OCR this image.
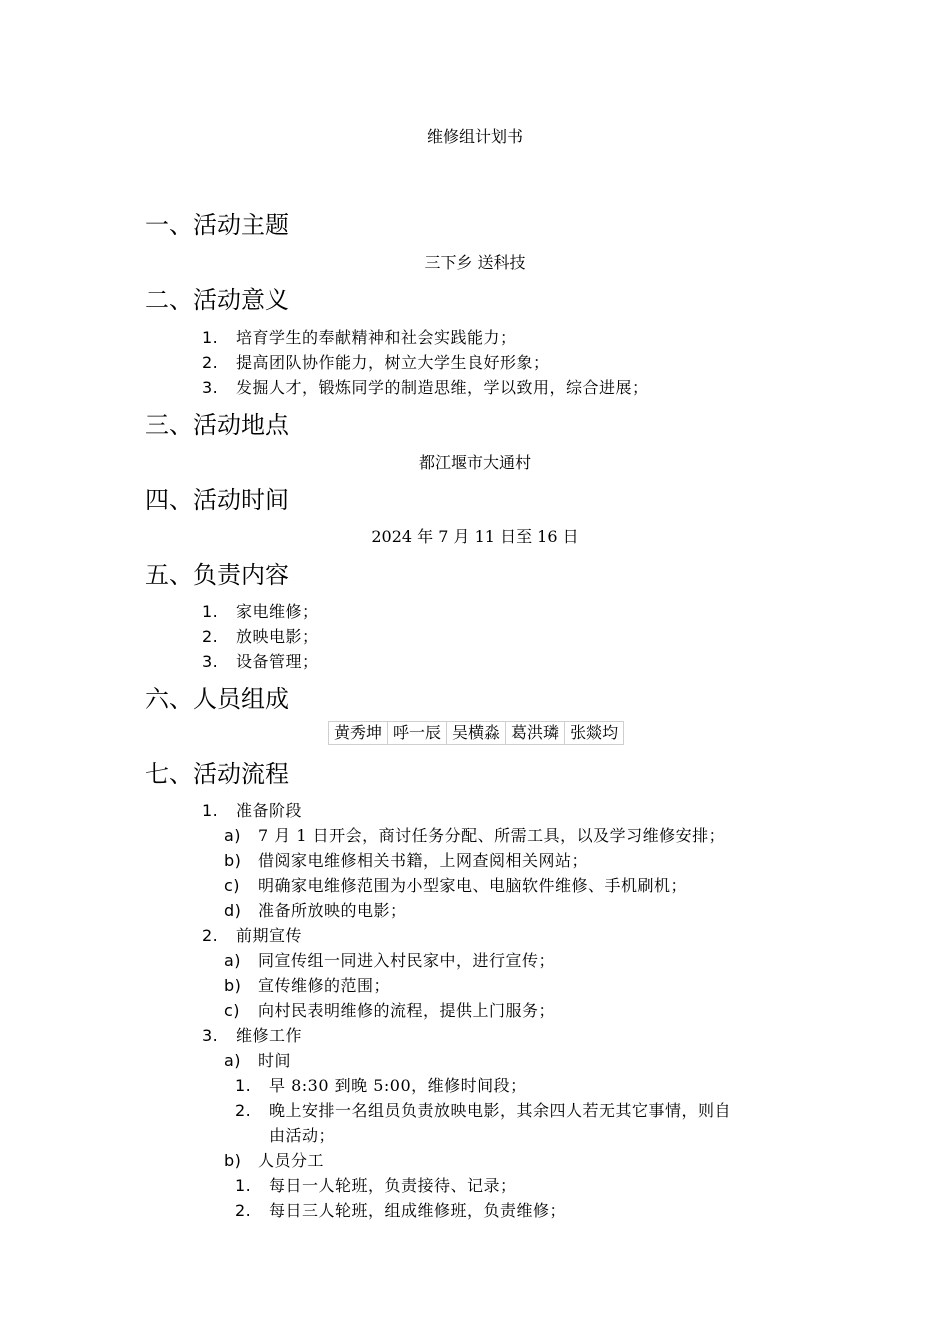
维修组计划书
一、活动主题
三下乡 送科技
二、活动意义
1. 培育学生的奉献精神和社会实践能力；
2. 提高团队协作能力，树立大学生良好形象；
3. 发掘人才，锻炼同学的制造思维，学以致用，综合进展；
三、活动地点
都江堰市大通村
四、活动时间
2024 年 7 月 11 日至 16 日
五、负责内容
1. 家电维修；
2. 放映电影；
3. 设备管理；
六、人员组成
黄秀坤	呼一辰	吴横淼	葛洪璘	张燚均
七、活动流程
1. 准备阶段
a) 7 月 1 日开会，商讨任务分配、所需工具，以及学习维修安排；
b) 借阅家电维修相关书籍，上网查阅相关网站；
c) 明确家电维修范围为小型家电、电脑软件维修、手机刷机；
d) 准备所放映的电影；
2. 前期宣传
a) 同宣传组一同进入村民家中，进行宣传；
b) 宣传维修的范围；
c) 向村民表明维修的流程，提供上门服务；
3. 维修工作
a) 时间
1. 早 8:30 到晚 5:00，维修时间段；
2. 晚上安排一名组员负责放映电影，其余四人若无其它事情，则自
由活动；
b) 人员分工
1. 每日一人轮班，负责接待、记录；
2. 每日三人轮班，组成维修班，负责维修；
